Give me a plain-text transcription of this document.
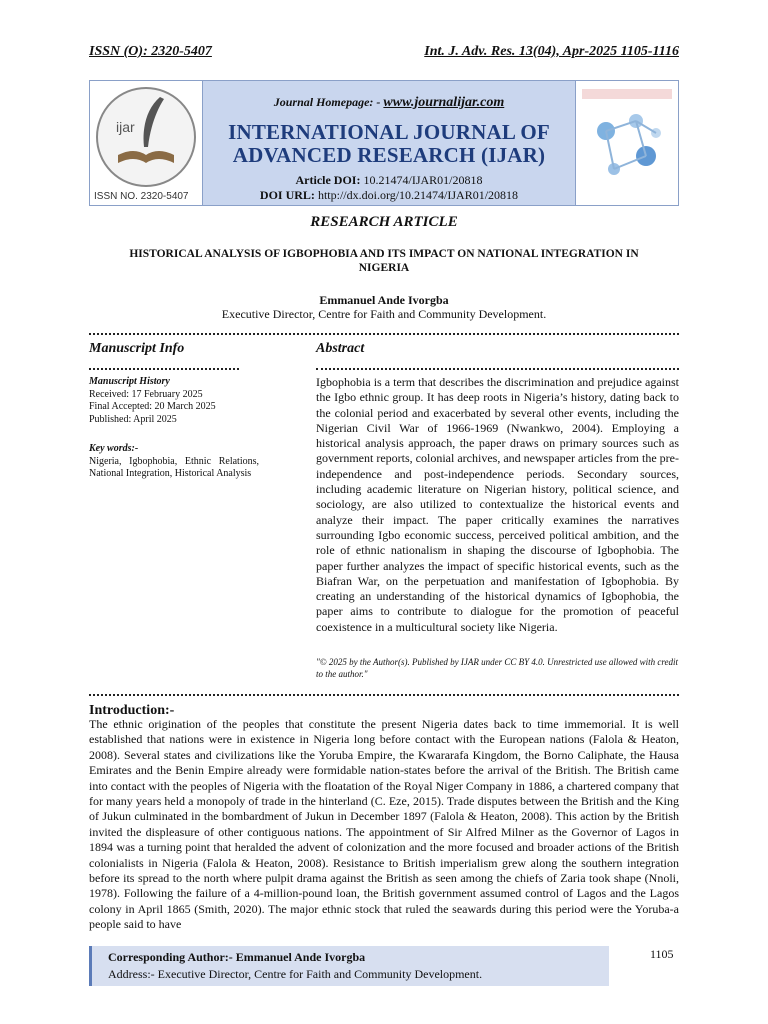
ISSN (O): 2320-5407	Int. J. Adv. Res. 13(04), Apr-2025 1105-1116
ijar
ISSN NO. 2320-5407
Journal Homepage: - www.journalijar.com
INTERNATIONAL JOURNAL OF
ADVANCED RESEARCH (IJAR)
Article DOI: 10.21474/IJAR01/20818
DOI URL: http://dx.doi.org/10.21474/IJAR01/20818
RESEARCH ARTICLE
HISTORICAL ANALYSIS OF IGBOPHOBIA AND ITS IMPACT ON NATIONAL INTEGRATION IN NIGERIA
Emmanuel Ande Ivorgba
Executive Director, Centre for Faith and Community Development.
Manuscript Info	Abstract
Manuscript History
Received: 17 February 2025
Final Accepted: 20 March 2025
Published: April 2025
Key words:-
Nigeria, Igbophobia, Ethnic Relations, National Integration, Historical Analysis
Igbophobia is a term that describes the discrimination and prejudice against the Igbo ethnic group. It has deep roots in Nigeria’s history, dating back to the colonial period and exacerbated by several other events, including the Nigerian Civil War of 1966-1969 (Nwankwo, 2004). Employing a historical analysis approach, the paper draws on primary sources such as government reports, colonial archives, and newspaper articles from the pre-independence and post-independence periods. Secondary sources, including academic literature on Nigerian history, political science, and sociology, are also utilized to contextualize the historical events and analyze their impact. The paper critically examines the narratives surrounding Igbo economic success, perceived political ambition, and the role of ethnic nationalism in shaping the discourse of Igbophobia. The paper further analyzes the impact of specific historical events, such as the Biafran War, on the perpetuation and manifestation of Igbophobia. By creating an understanding of the historical dynamics of Igbophobia, the paper aims to contribute to dialogue for the promotion of peaceful coexistence in a multicultural society like Nigeria.
"© 2025 by the Author(s). Published by IJAR under CC BY 4.0. Unrestricted use allowed with credit to the author."
Introduction:-
The ethnic origination of the peoples that constitute the present Nigeria dates back to time immemorial. It is well established that nations were in existence in Nigeria long before contact with the European nations (Falola & Heaton, 2008). Several states and civilizations like the Yoruba Empire, the Kwararafa Kingdom, the Borno Caliphate, the Hausa Emirates and the Benin Empire already were formidable nation-states before the arrival of the British. The British came into contact with the peoples of Nigeria with the floatation of the Royal Niger Company in 1886, a chartered company that for many years held a monopoly of trade in the hinterland (C. Eze, 2015). Trade disputes between the British and the King of Jukun culminated in the bombardment of Jukun in December 1897 (Falola & Heaton, 2008). This action by the British invited the displeasure of other contiguous nations. The appointment of Sir Alfred Milner as the Governor of Lagos in 1894 was a turning point that heralded the advent of colonization and the more focused and broader actions of the British colonialists in Nigeria (Falola & Heaton, 2008). Resistance to British imperialism grew along the southern integration before its spread to the north where pulpit drama against the British as seen among the chiefs of Zaria took shape (Nnoli, 1978). Following the failure of a 4-million-pound loan, the British government assumed control of Lagos and the Lagos colony in April 1865 (Smith, 2020). The major ethnic stock that ruled the seawards during this period were the Yoruba-a people said to have
Corresponding Author:- Emmanuel Ande Ivorgba
Address:- Executive Director, Centre for Faith and Community Development.
1105
